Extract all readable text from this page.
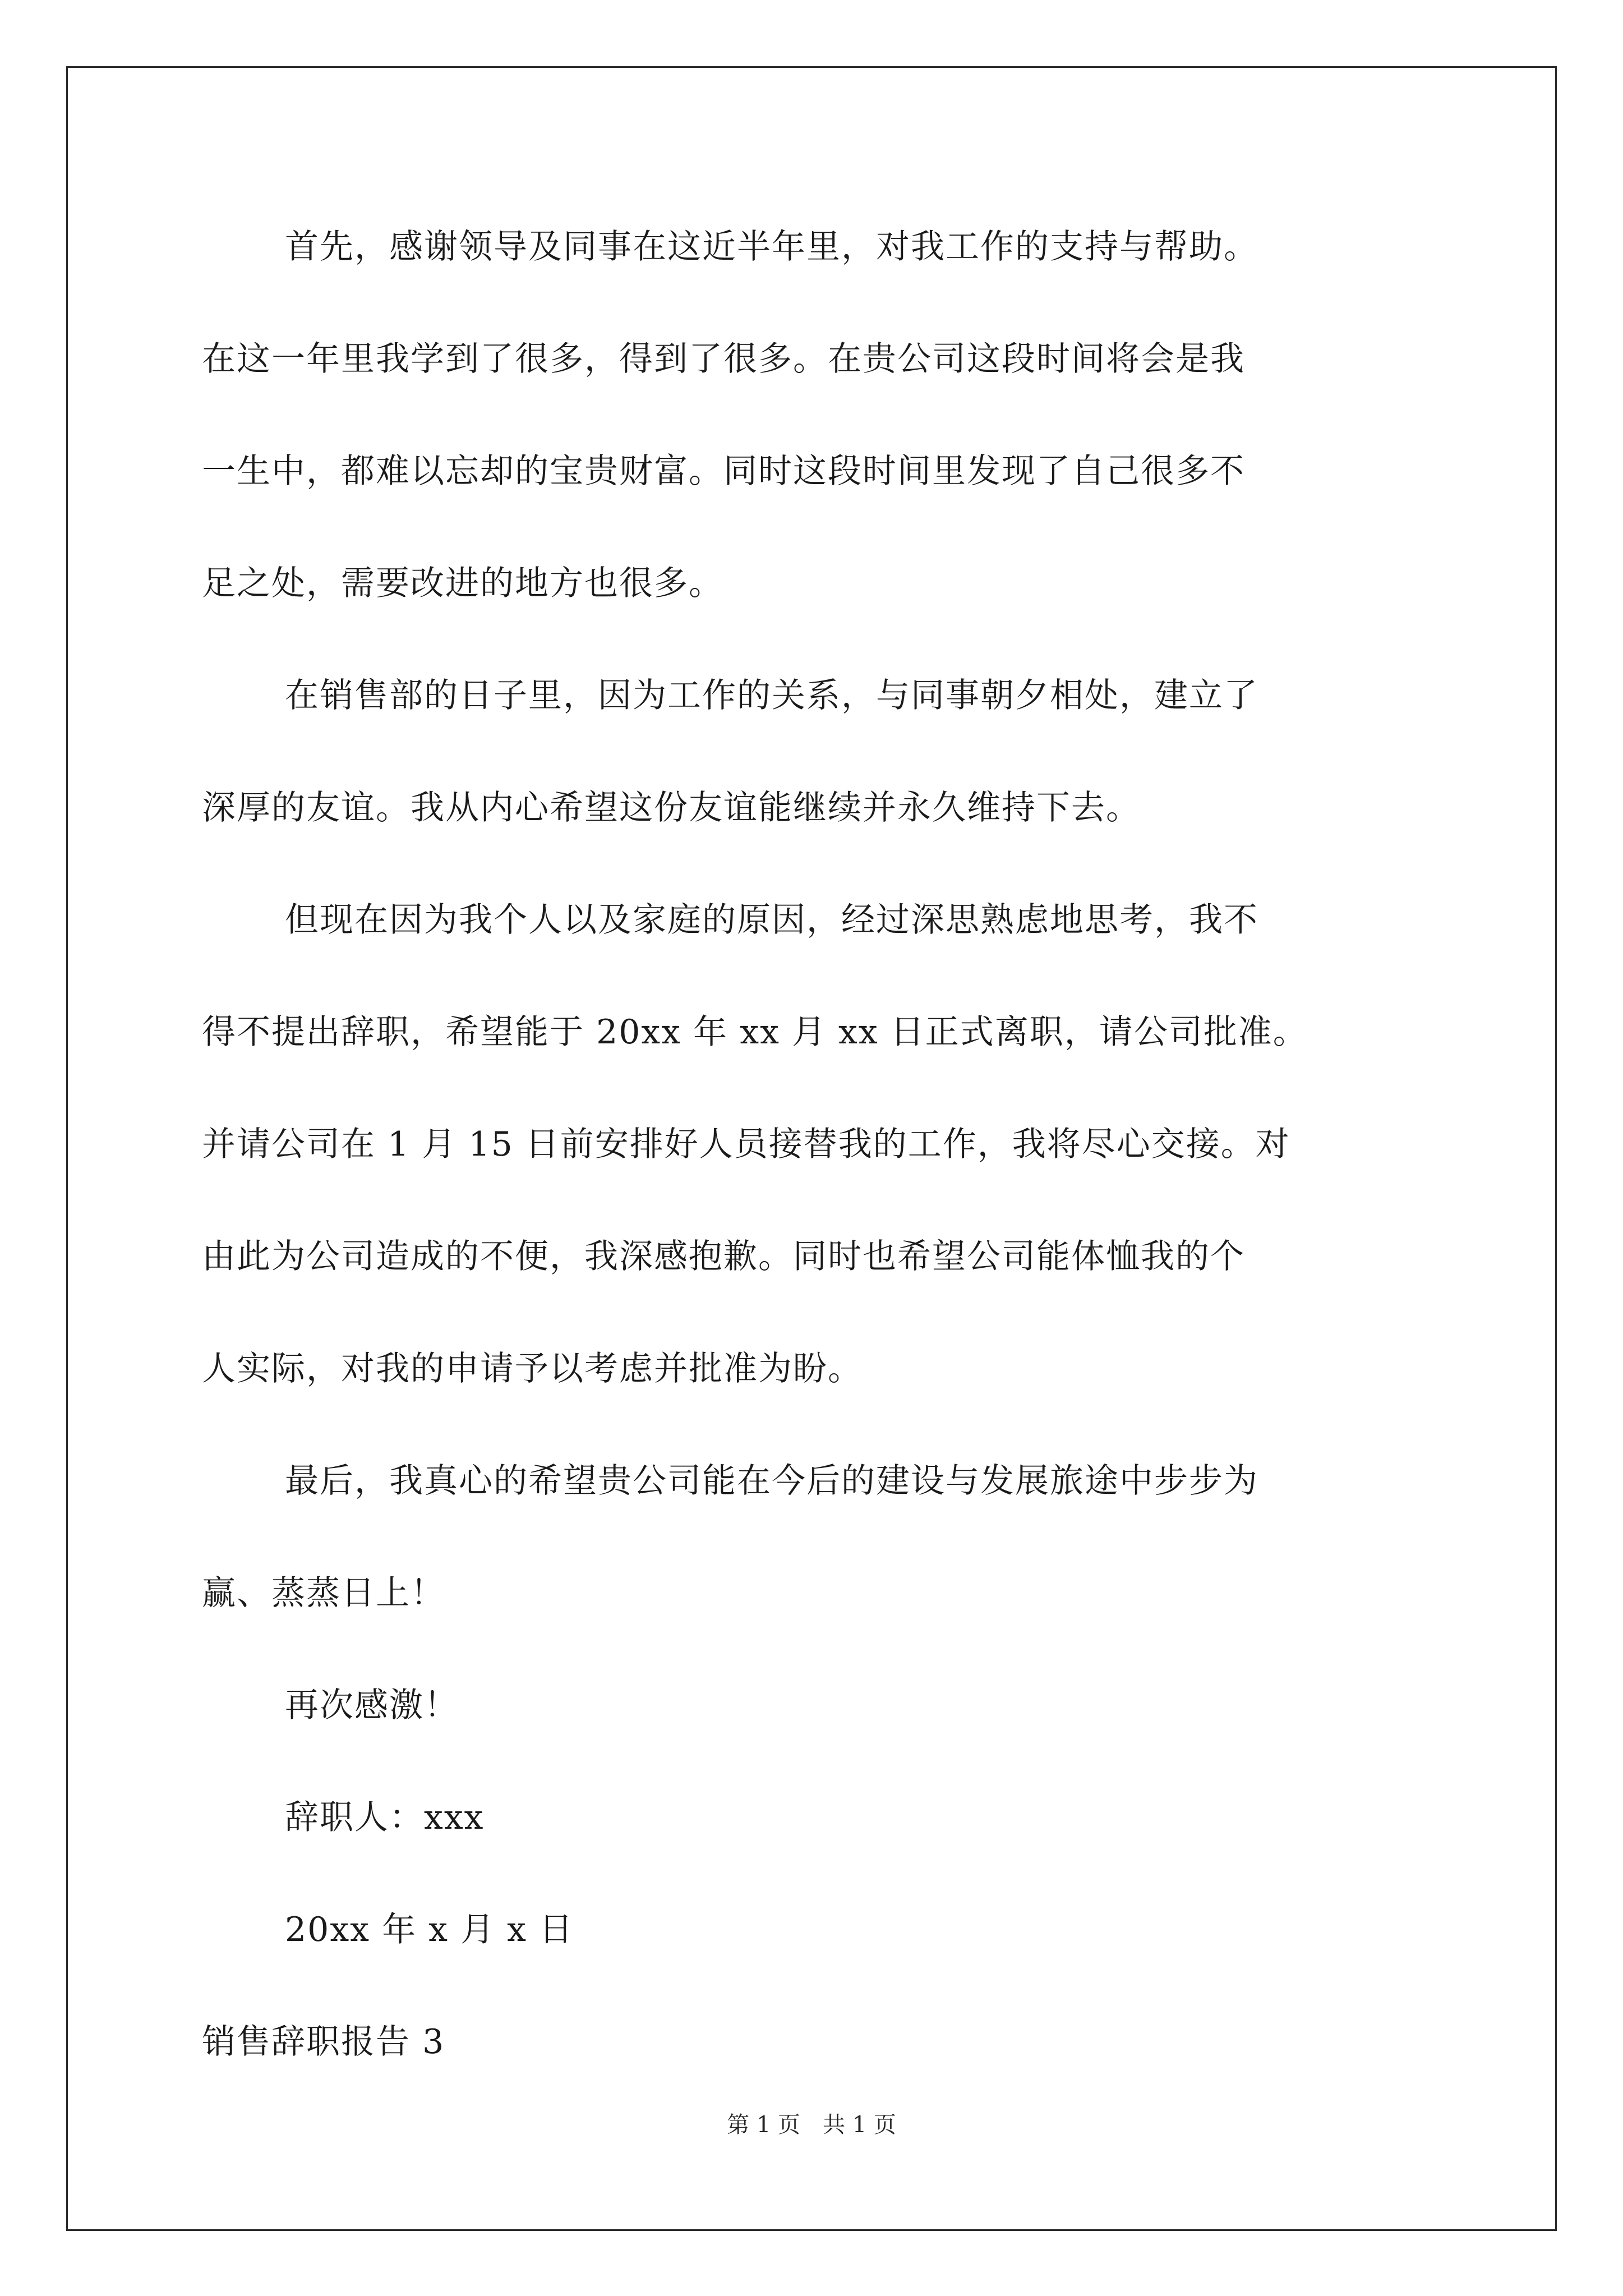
首先，感谢领导及同事在这近半年里，对我工作的支持与帮助。
在这一年里我学到了很多，得到了很多。在贵公司这段时间将会是我
一生中，都难以忘却的宝贵财富。同时这段时间里发现了自己很多不
足之处，需要改进的地方也很多。
在销售部的日子里，因为工作的关系，与同事朝夕相处，建立了
深厚的友谊。我从内心希望这份友谊能继续并永久维持下去。
但现在因为我个人以及家庭的原因，经过深思熟虑地思考，我不
得不提出辞职，希望能于 20xx 年 xx 月 xx 日正式离职，请公司批准。
并请公司在 1 月 15 日前安排好人员接替我的工作，我将尽心交接。对
由此为公司造成的不便，我深感抱歉。同时也希望公司能体恤我的个
人实际，对我的申请予以考虑并批准为盼。
最后，我真心的希望贵公司能在今后的建设与发展旅途中步步为
赢、蒸蒸日上！
再次感激！
辞职人：xxx
20xx 年 x 月 x 日
销售辞职报告 3
第 1 页　共 1 页
